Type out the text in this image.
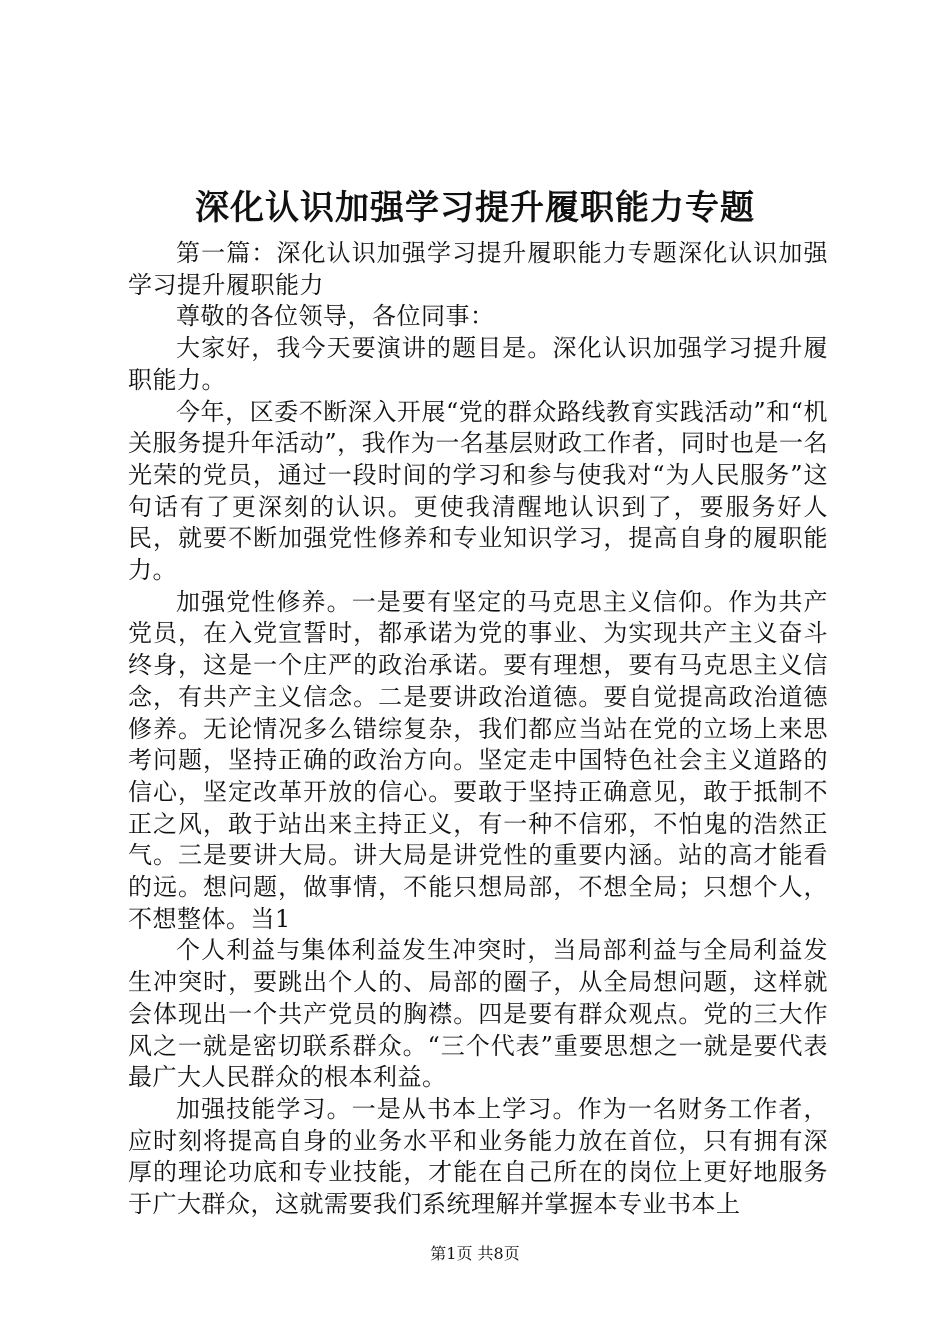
深化认识加强学习提升履职能力专题

第一篇：深化认识加强学习提升履职能力专题深化认识加强学习提升履职能力

尊敬的各位领导，各位同事：

大家好，我今天要演讲的题目是。深化认识加强学习提升履职能力。

今年，区委不断深入开展“党的群众路线教育实践活动”和“机关服务提升年活动”，我作为一名基层财政工作者，同时也是一名光荣的党员，通过一段时间的学习和参与使我对“为人民服务”这句话有了更深刻的认识。更使我清醒地认识到了，要服务好人民，就要不断加强党性修养和专业知识学习，提高自身的履职能力。

加强党性修养。一是要有坚定的马克思主义信仰。作为共产党员，在入党宣誓时，都承诺为党的事业、为实现共产主义奋斗终身，这是一个庄严的政治承诺。要有理想，要有马克思主义信念，有共产主义信念。二是要讲政治道德。要自觉提高政治道德修养。无论情况多么错综复杂，我们都应当站在党的立场上来思考问题，坚持正确的政治方向。坚定走中国特色社会主义道路的信心，坚定改革开放的信心。要敢于坚持正确意见，敢于抵制不正之风，敢于站出来主持正义，有一种不信邪，不怕鬼的浩然正气。三是要讲大局。讲大局是讲党性的重要内涵。站的高才能看的远。想问题，做事情，不能只想局部，不想全局；只想个人，不想整体。当1

个人利益与集体利益发生冲突时，当局部利益与全局利益发生冲突时，要跳出个人的、局部的圈子，从全局想问题，这样就会体现出一个共产党员的胸襟。四是要有群众观点。党的三大作风之一就是密切联系群众。“三个代表”重要思想之一就是要代表最广大人民群众的根本利益。

加强技能学习。一是从书本上学习。作为一名财务工作者，应时刻将提高自身的业务水平和业务能力放在首位，只有拥有深厚的理论功底和专业技能，才能在自己所在的岗位上更好地服务于广大群众，这就需要我们系统理解并掌握本专业书本上

第1页 共8页
